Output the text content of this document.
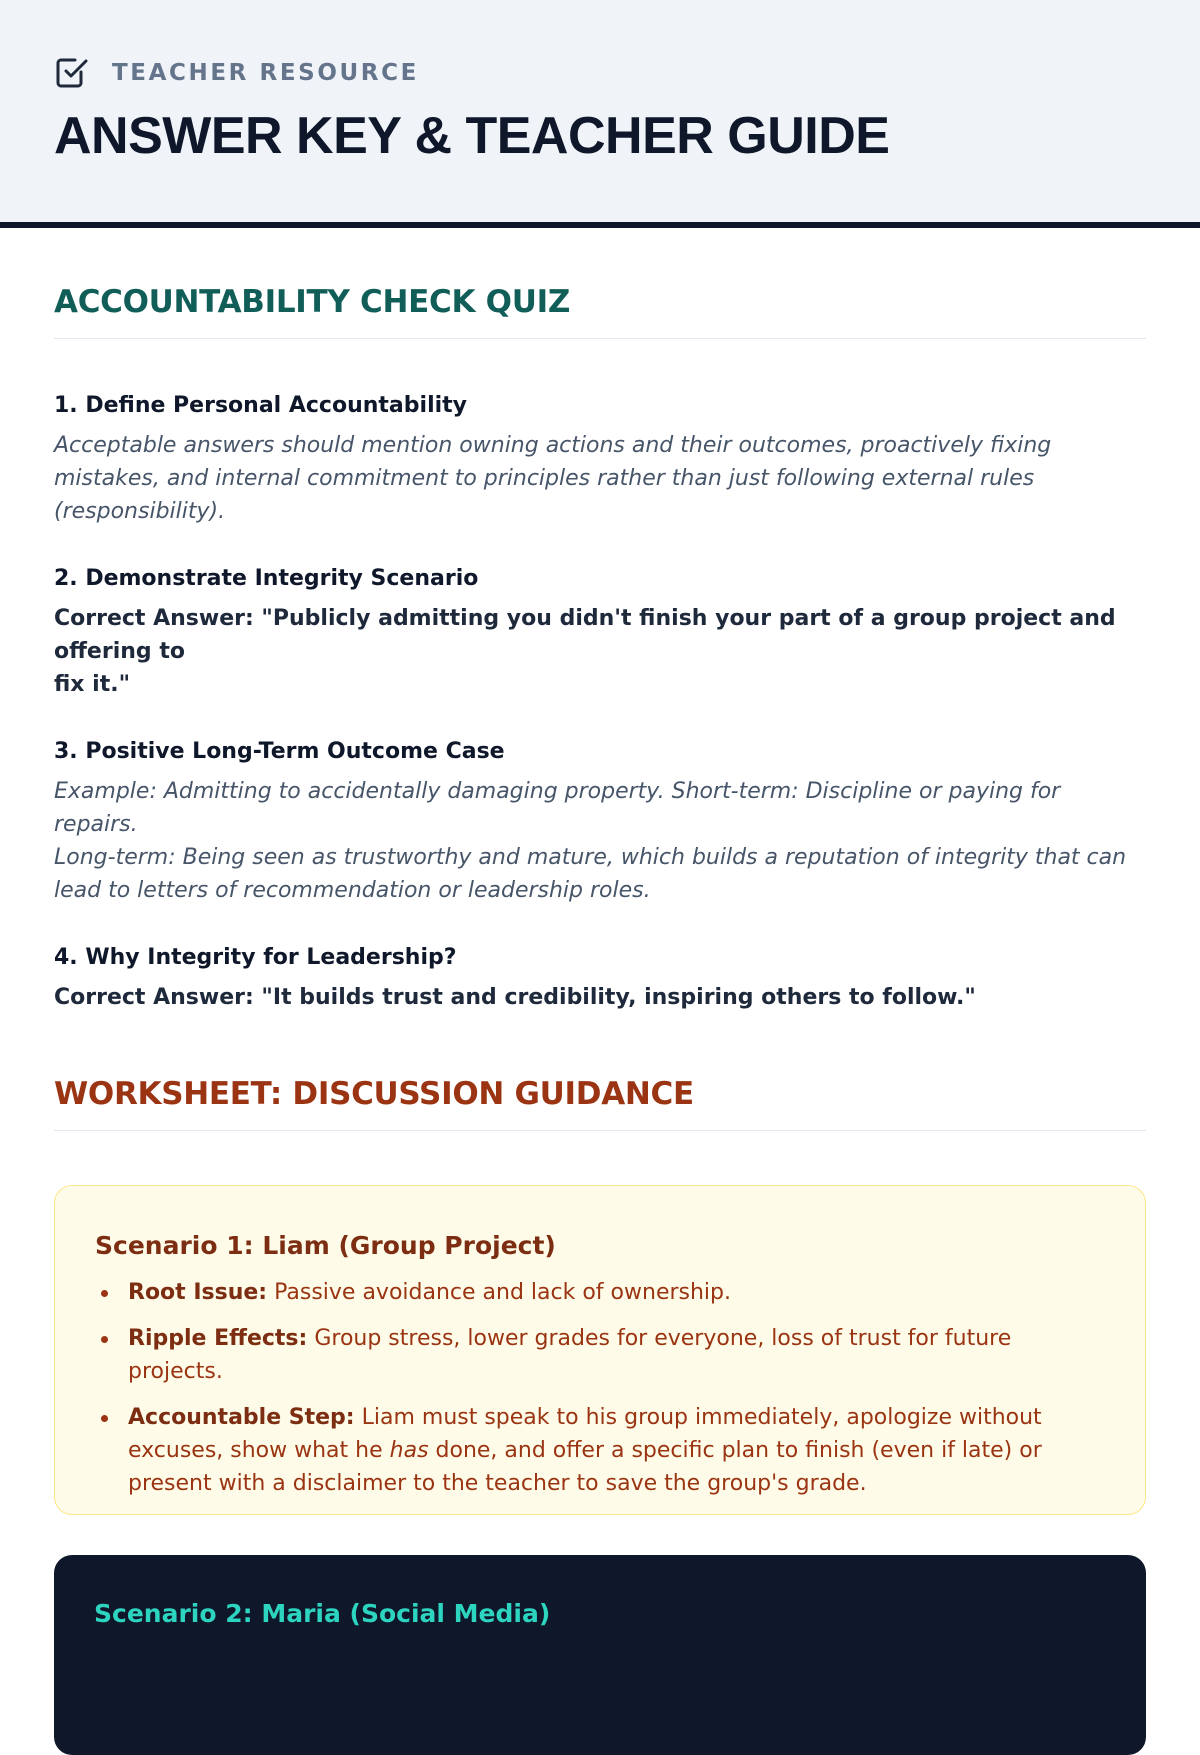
TEACHER RESOURCE
ANSWER KEY & TEACHER GUIDE
ACCOUNTABILITY CHECK QUIZ
1. Define Personal Accountability
Acceptable answers should mention owning actions and their outcomes, proactively fixing
mistakes, and internal commitment to principles rather than just following external rules
(responsibility).
2. Demonstrate Integrity Scenario
Correct Answer: "Publicly admitting you didn't finish your part of a group project and offering to
fix it."
3. Positive Long-Term Outcome Case
Example: Admitting to accidentally damaging property. Short-term: Discipline or paying for repairs.
Long-term: Being seen as trustworthy and mature, which builds a reputation of integrity that can
lead to letters of recommendation or leadership roles.
4. Why Integrity for Leadership?
Correct Answer: "It builds trust and credibility, inspiring others to follow."
WORKSHEET: DISCUSSION GUIDANCE
Scenario 1: Liam (Group Project)
Root Issue: Passive avoidance and lack of ownership.
Ripple Effects: Group stress, lower grades for everyone, loss of trust for future projects.
Accountable Step: Liam must speak to his group immediately, apologize without excuses, show what he has done, and offer a specific plan to finish (even if late) or present with a disclaimer to the teacher to save the group's grade.
Scenario 2: Maria (Social Media)
